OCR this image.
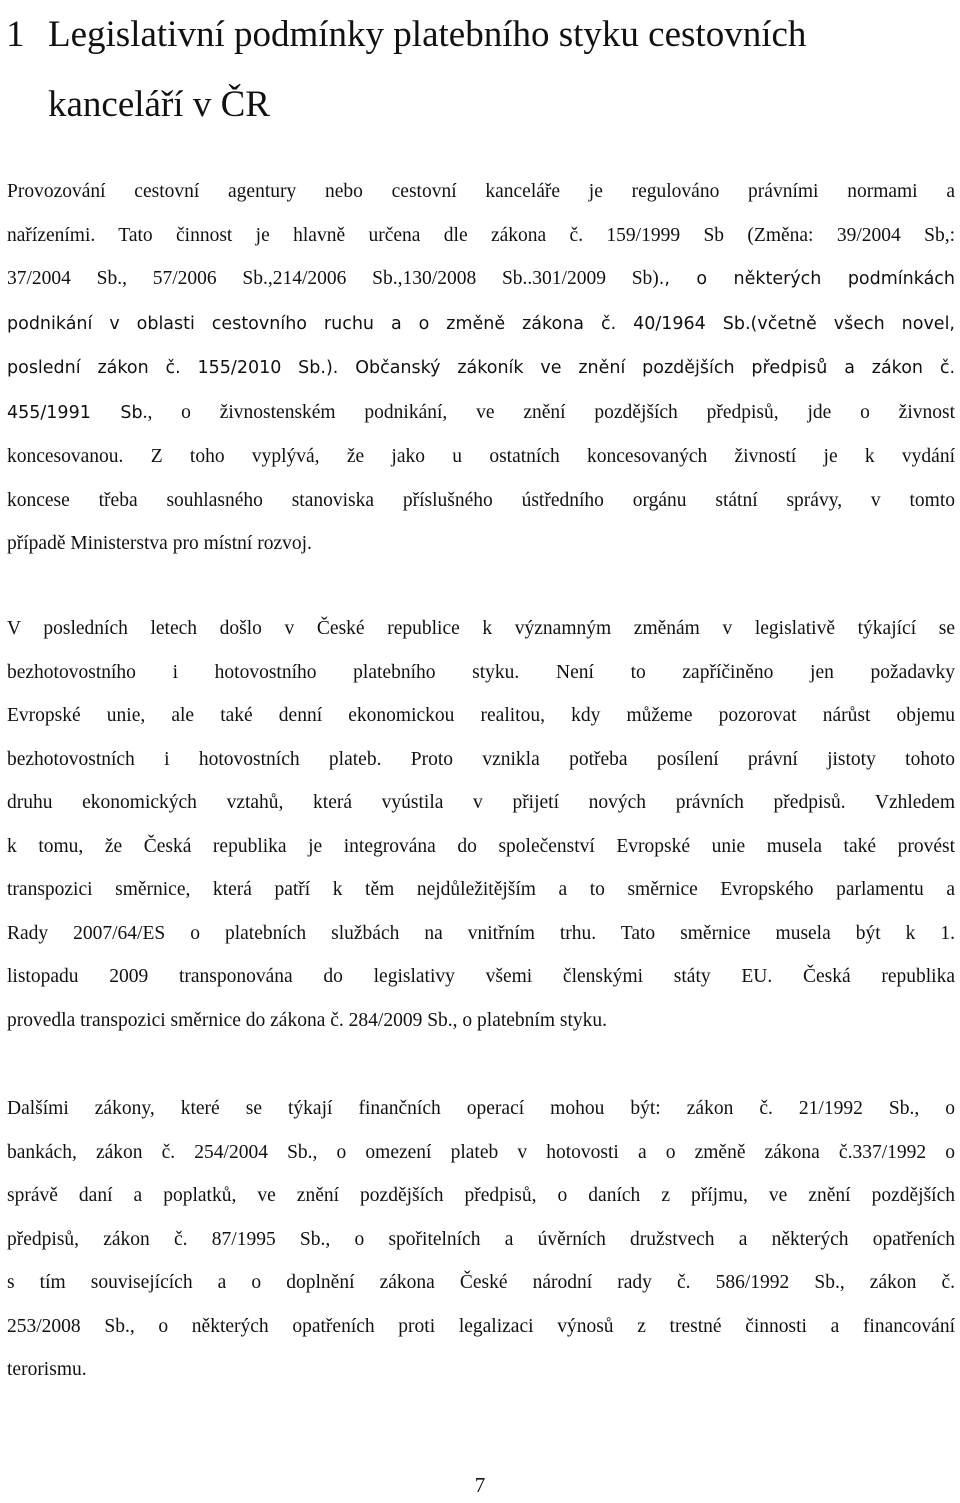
1 Legislativní podmínky platebního styku cestovních
kanceláří v ČR
Provozování cestovní agentury nebo cestovní kanceláře je regulováno právními normami a
nařízeními. Tato činnost je hlavně určena dle zákona č. 159/1999 Sb (Změna: 39/2004 Sb,:
37/2004 Sb., 57/2006 Sb.,214/2006 Sb.,130/2008 Sb..301/2009 Sb)., o některých podmínkách
podnikání v oblasti cestovního ruchu a o změně zákona č. 40/1964 Sb.(včetně všech novel,
poslední zákon č. 155/2010 Sb.). Občanský zákoník ve znění pozdějších předpisů a zákon č.
455/1991 Sb., o živnostenském podnikání, ve znění pozdějších předpisů, jde o živnost
koncesovanou. Z toho vyplývá, že jako u ostatních koncesovaných živností je k vydání
koncese třeba souhlasného stanoviska příslušného ústředního orgánu státní správy, v tomto
případě Ministerstva pro místní rozvoj.
V posledních letech došlo v České republice k významným změnám v legislativě týkající se
bezhotovostního i hotovostního platebního styku. Není to zapříčiněno jen požadavky
Evropské unie, ale také denní ekonomickou realitou, kdy můžeme pozorovat nárůst objemu
bezhotovostních i hotovostních plateb. Proto vznikla potřeba posílení právní jistoty tohoto
druhu ekonomických vztahů, která vyústila v přijetí nových právních předpisů. Vzhledem
k tomu, že Česká republika je integrována do společenství Evropské unie musela také provést
transpozici směrnice, která patří k těm nejdůležitějším a to směrnice Evropského parlamentu a
Rady 2007/64/ES o platebních službách na vnitřním trhu. Tato směrnice musela být k 1.
listopadu 2009 transponována do legislativy všemi členskými státy EU. Česká republika
provedla transpozici směrnice do zákona č. 284/2009 Sb., o platebním styku.
Dalšími zákony, které se týkají finančních operací mohou být: zákon č. 21/1992 Sb., o
bankách, zákon č. 254/2004 Sb., o omezení plateb v hotovosti a o změně zákona č.337/1992 o
správě daní a poplatků, ve znění pozdějších předpisů, o daních z příjmu, ve znění pozdějších
předpisů, zákon č. 87/1995 Sb., o spořitelních a úvěrních družstvech a některých opatřeních
s tím souvisejících a o doplnění zákona České národní rady č. 586/1992 Sb., zákon č.
253/2008 Sb., o některých opatřeních proti legalizaci výnosů z trestné činnosti a financování
terorismu.
7
